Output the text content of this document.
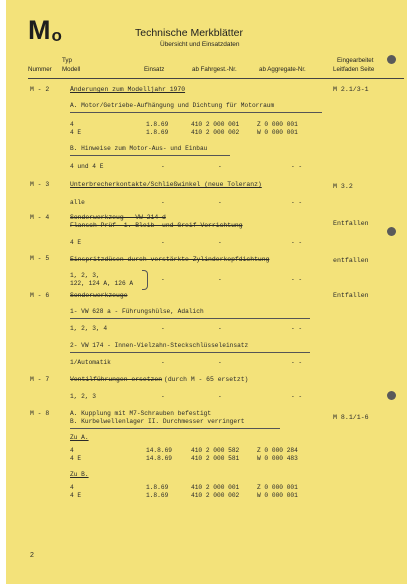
Mo	Technische Merkblätter
Übersicht und Einsatzdaten
Typ
Nummer Modell	Einsatz	ab Fahrgest.-Nr.	ab Aggregate-Nr.
Eingearbeitet
Leitfaden Seite
M - 2	Änderungen zum Modelljahr 1970	M 2.1/3-1
A. Motor/Getriebe-Aufhängung und Dichtung für Motorraum
4	1.8.69	410 2 000 001	Z 0 000 001
4 E	1.8.69	410 2 000 002	W 0 000 001
B. Hinweise zum Motor-Aus- und Einbau
4 und 4 E	-	-	- -
M - 3	Unterbrecherkontakte/Schließwinkel (neue Toleranz)	M 3.2
alle	-	-	- -
M - 4	Sonderwerkzeug - VW 214 d
Flansch Prüf- 1. Bleib- und Greif-Vorrichtung	Entfallen
4 E	-	-	- -
M - 5	Einspritzdüsen durch verstärkte Zylinderkopfdichtung	entfallen
1, 2, 3,
122, 124 A, 126 A
-	-	- -
M - 6	Sonderwerkzeuge	Entfallen
1- VW 628 a - Führungshülse, Adalich
1, 2, 3, 4	-	-	- -
2- VW 174 - Innen-Vielzahn-Steckschlüsseleinsatz
1/Automatik	-	-	- -
M - 7	Ventilführungen ersetzen (durch M - 65 ersetzt)
1, 2, 3	-	-	- -
M - 8	A. Kupplung mit M7-Schrauben befestigt
B. Kurbelwellenlager II. Durchmesser verringert
M 8.1/1-6
Zu A.
4	14.8.69	410 2 000 582	Z 0 000 284
4 E	14.8.69	410 2 000 581	W 0 000 483
Zu B.
4	1.8.69	410 2 000 001	Z 0 000 001
4 E	1.8.69	410 2 000 002	W 0 000 001
2
